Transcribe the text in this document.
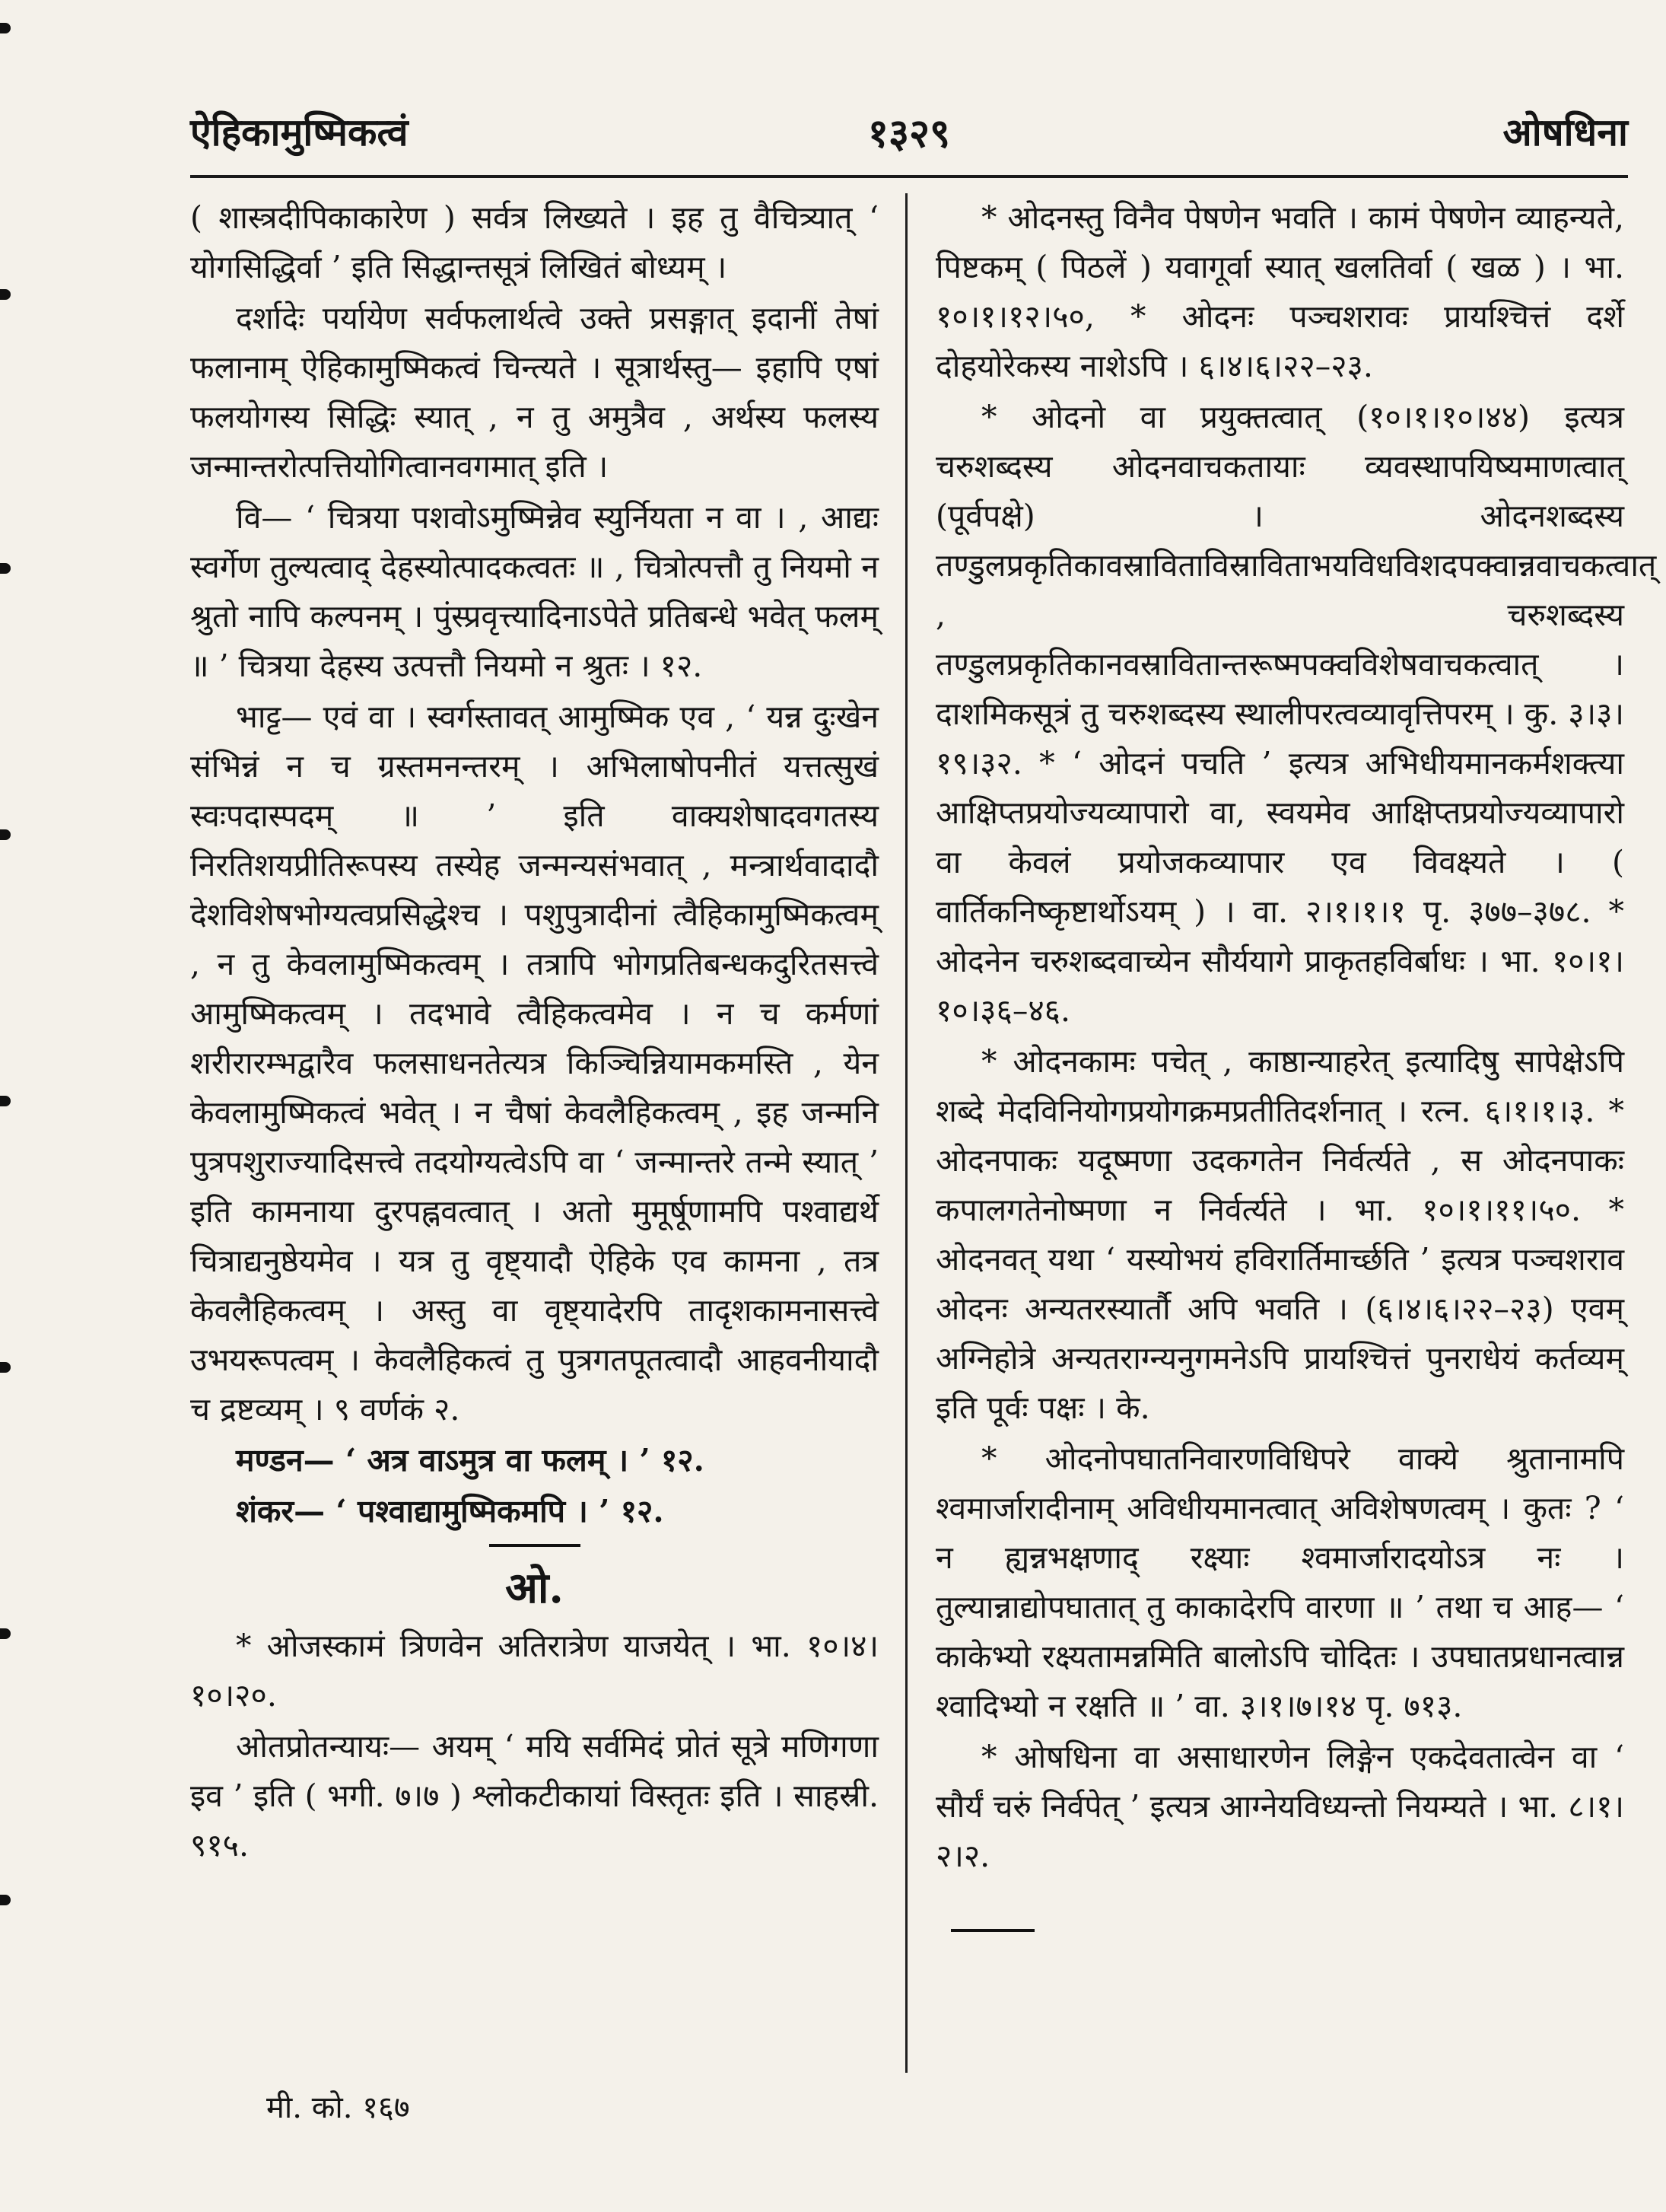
ऐहिकामुष्मिकत्वं	१३२९	ओषधिना

( शास्त्रदीपिकाकारेण ) सर्वत्र लिख्यते । इह तु वैचित्र्यात् ‘ योगसिद्धिर्वा ’ इति सिद्धान्तसूत्रं लिखितं बोध्यम् ।

दर्शादेः पर्यायेण सर्वफलार्थत्वे उक्ते प्रसङ्गात् इदानीं तेषां फलानाम् ऐहिकामुष्मिकत्वं चिन्त्यते । सूत्रार्थस्तु— इहापि एषां फलयोगस्य सिद्धिः स्यात् , न तु अमुत्रैव , अर्थस्य फलस्य जन्मान्तरोत्पत्तियोगित्वानवगमात् इति ।

वि— ‘ चित्रया पशवोऽमुष्मिन्नेव स्युर्नियता न वा । , आद्यः स्वर्गेण तुल्यत्वाद् देहस्योत्पादकत्वतः ॥ , चित्रोत्पत्तौ तु नियमो न श्रुतो नापि कल्पनम् । पुंस्प्रवृत्त्यादिनाऽपेते प्रतिबन्धे भवेत् फलम् ॥ ’ चित्रया देहस्य उत्पत्तौ नियमो न श्रुतः । १२.

भाट्ट— एवं वा । स्वर्गस्तावत् आमुष्मिक एव , ‘ यन्न दुःखेन संभिन्नं न च ग्रस्तमनन्तरम् । अभिलाषोपनीतं यत्तत्सुखं स्वःपदास्पदम् ॥ ’ इति वाक्यशेषादवगतस्य निरतिशयप्रीतिरूपस्य तस्येह जन्मन्यसंभवात् , मन्त्रार्थवादादौ देशविशेषभोग्यत्वप्रसिद्धेश्च । पशुपुत्रादीनां त्वैहिकामुष्मिकत्वम् , न तु केवलामुष्मिकत्वम् । तत्रापि भोगप्रतिबन्धकदुरितसत्त्वे आमुष्मिकत्वम् । तदभावे त्वैहिकत्वमेव । न च कर्मणां शरीरारम्भद्वारैव फलसाधनतेत्यत्र किञ्चिन्नियामकमस्ति , येन केवलामुष्मिकत्वं भवेत् । न चैषां केवलैहिकत्वम् , इह जन्मनि पुत्रपशुराज्यादिसत्त्वे तदयोग्यत्वेऽपि वा ‘ जन्मान्तरे तन्मे स्यात् ’ इति कामनाया दुरपह्नवत्वात् । अतो मुमूर्षूणामपि पश्वाद्यर्थे चित्राद्यनुष्ठेयमेव । यत्र तु वृष्ट्यादौ ऐहिके एव कामना , तत्र केवलैहिकत्वम् । अस्तु वा वृष्ट्यादेरपि तादृशकामनासत्त्वे उभयरूपत्वम् । केवलैहिकत्वं तु पुत्रगतपूतत्वादौ आहवनीयादौ च द्रष्टव्यम् । ९ वर्णकं २.

मण्डन— ‘ अत्र वाऽमुत्र वा फलम् । ’ १२.

शंकर— ‘ पश्वाद्यामुष्मिकमपि । ’ १२.

ओ.

* ओजस्कामं त्रिणवेन अतिरात्रेण याजयेत् । भा. १०।४।१०।२०.

ओतप्रोतन्यायः— अयम् ‘ मयि सर्वमिदं प्रोतं सूत्रे मणिगणा इव ’ इति ( भगी. ७।७ ) श्लोकटीकायां विस्तृतः इति । साहस्री. ९१५.

* ओदनस्तु विनैव पेषणेन भवति । कामं पेषणेन व्याहन्यते, पिष्टकम् ( पिठलें ) यवागूर्वा स्यात् खलतिर्वा ( खळ ) । भा. १०।१।१२।५०, * ओदनः पञ्चशरावः प्रायश्चित्तं दर्शे दोहयोरेकस्य नाशेऽपि । ६।४।६।२२–२३.

* ओदनो वा प्रयुक्तत्वात् (१०।१।१०।४४) इत्यत्र चरुशब्दस्य ओदनवाचकतायाः व्यवस्थापयिष्यमाणत्वात् (पूर्वपक्षे) । ओदनशब्दस्य तण्डुलप्रकृतिकावस्राविताविस्राविताभयविधविशदपक्वान्नवाचकत्वात् , चरुशब्दस्य तण्डुलप्रकृतिकानवस्रावितान्तरूष्मपक्वविशेषवाचकत्वात् । दाशमिकसूत्रं तु चरुशब्दस्य स्थालीपरत्वव्यावृत्तिपरम् । कु. ३।३।१९।३२. * ‘ ओदनं पचति ’ इत्यत्र अभिधीयमानकर्मशक्त्या आक्षिप्तप्रयोज्यव्यापारो वा, स्वयमेव आक्षिप्तप्रयोज्यव्यापारो वा केवलं प्रयोजकव्यापार एव विवक्ष्यते । ( वार्तिकनिष्कृष्टार्थोऽयम् ) । वा. २।१।१।१ पृ. ३७७–३७८. * ओदनेन चरुशब्दवाच्येन सौर्ययागे प्राकृतहविर्बाधः । भा. १०।१।१०।३६–४६.

* ओदनकामः पचेत् , काष्ठान्याहरेत् इत्यादिषु सापेक्षेऽपि शब्दे मेदविनियोगप्रयोगक्रमप्रतीतिदर्शनात् । रत्न. ६।१।१।३. * ओदनपाकः यदूष्मणा उदकगतेन निर्वर्त्यते , स ओदनपाकः कपालगतेनोष्मणा न निर्वर्त्यते । भा. १०।१।११।५०. * ओदनवत् यथा ‘ यस्योभयं हविरार्तिमार्च्छति ’ इत्यत्र पञ्चशराव ओदनः अन्यतरस्यार्तौ अपि भवति । (६।४।६।२२–२३) एवम् अग्निहोत्रे अन्यतराग्न्यनुगमनेऽपि प्रायश्चित्तं पुनराधेयं कर्तव्यम् इति पूर्वः पक्षः । के.

* ओदनोपघातनिवारणविधिपरे वाक्ये श्रुतानामपि श्वमार्जारादीनाम् अविधीयमानत्वात् अविशेषणत्वम् । कुतः ? ‘ न ह्यन्नभक्षणाद् रक्ष्याः श्वमार्जारादयोऽत्र नः । तुल्यान्नाद्योपघातात् तु काकादेरपि वारणा ॥ ’ तथा च आह— ‘ काकेभ्यो रक्ष्यतामन्नमिति बालोऽपि चोदितः । उपघातप्रधानत्वान्न श्वादिभ्यो न रक्षति ॥ ’ वा. ३।१।७।१४ पृ. ७१३.

* ओषधिना वा असाधारणेन लिङ्गेन एकदेवतात्वेन वा ‘ सौर्यं चरुं निर्वपेत् ’ इत्यत्र आग्नेयविध्यन्तो नियम्यते । भा. ८।१।२।२.

मी. को. १६७
